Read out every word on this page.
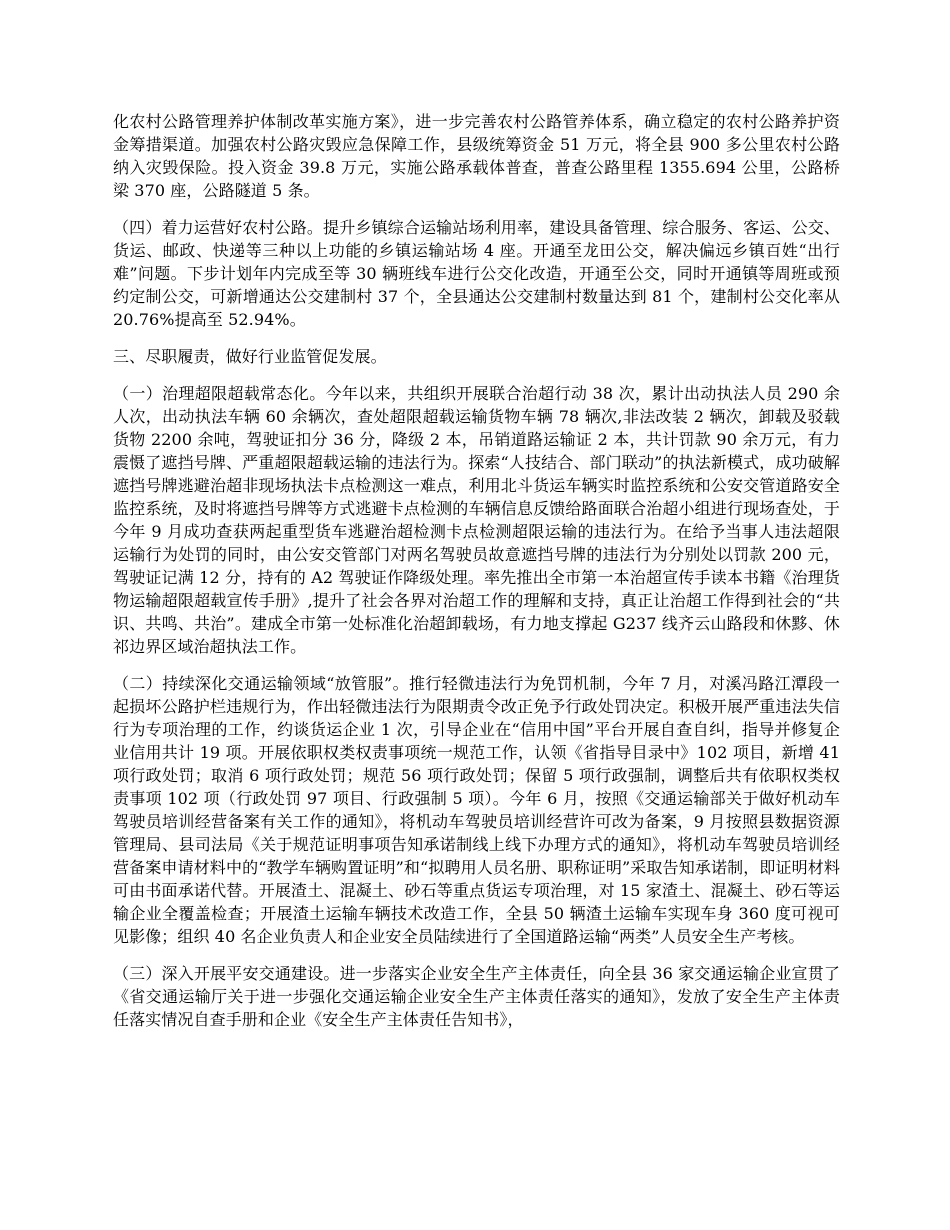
化农村公路管理养护体制改革实施方案》，进一步完善农村公路管养体系，确立稳定的农村公路养护资金筹措渠道。加强农村公路灾毁应急保障工作，县级统筹资金 51 万元，将全县 900 多公里农村公路纳入灾毁保险。投入资金 39.8 万元，实施公路承载体普查，普查公路里程 1355.694 公里，公路桥梁 370 座，公路隧道 5 条。

（四）着力运营好农村公路。提升乡镇综合运输站场利用率，建设具备管理、综合服务、客运、公交、货运、邮政、快递等三种以上功能的乡镇运输站场 4 座。开通至龙田公交，解决偏远乡镇百姓“出行难”问题。下步计划年内完成至等 30 辆班线车进行公交化改造，开通至公交，同时开通镇等周班或预约定制公交，可新增通达公交建制村 37 个，全县通达公交建制村数量达到 81 个，建制村公交化率从 20.76%提高至 52.94%。

三、尽职履责，做好行业监管促发展。

（一）治理超限超载常态化。今年以来，共组织开展联合治超行动 38 次，累计出动执法人员 290 余人次，出动执法车辆 60 余辆次，查处超限超载运输货物车辆 78 辆次,非法改装 2 辆次，卸载及驳载货物 2200 余吨，驾驶证扣分 36 分，降级 2 本，吊销道路运输证 2 本，共计罚款 90 余万元，有力震慑了遮挡号牌、严重超限超载运输的违法行为。探索“人技结合、部门联动”的执法新模式，成功破解遮挡号牌逃避治超非现场执法卡点检测这一难点，利用北斗货运车辆实时监控系统和公安交管道路安全监控系统，及时将遮挡号牌等方式逃避卡点检测的车辆信息反馈给路面联合治超小组进行现场查处，于今年 9 月成功查获两起重型货车逃避治超检测卡点检测超限运输的违法行为。在给予当事人违法超限运输行为处罚的同时，由公安交管部门对两名驾驶员故意遮挡号牌的违法行为分别处以罚款 200 元，驾驶证记满 12 分，持有的 A2 驾驶证作降级处理。率先推出全市第一本治超宣传手读本书籍《治理货物运输超限超载宣传手册》,提升了社会各界对治超工作的理解和支持，真正让治超工作得到社会的“共识、共鸣、共治”。建成全市第一处标准化治超卸载场，有力地支撑起 G237 线齐云山路段和休黟、休祁边界区域治超执法工作。

（二）持续深化交通运输领域“放管服”。推行轻微违法行为免罚机制，今年 7 月，对溪冯路江潭段一起损坏公路护栏违规行为，作出轻微违法行为限期责令改正免予行政处罚决定。积极开展严重违法失信行为专项治理的工作，约谈货运企业 1 次，引导企业在“信用中国”平台开展自查自纠，指导并修复企业信用共计 19 项。开展依职权类权责事项统一规范工作，认领《省指导目录中》102 项目，新增 41 项行政处罚；取消 6 项行政处罚；规范 56 项行政处罚；保留 5 项行政强制，调整后共有依职权类权责事项 102 项（行政处罚 97 项目、行政强制 5 项）。今年 6 月，按照《交通运输部关于做好机动车驾驶员培训经营备案有关工作的通知》，将机动车驾驶员培训经营许可改为备案，9 月按照县数据资源管理局、县司法局《关于规范证明事项告知承诺制线上线下办理方式的通知》，将机动车驾驶员培训经营备案申请材料中的“教学车辆购置证明”和“拟聘用人员名册、职称证明”采取告知承诺制，即证明材料可由书面承诺代替。开展渣土、混凝土、砂石等重点货运专项治理，对 15 家渣土、混凝土、砂石等运输企业全覆盖检查；开展渣土运输车辆技术改造工作，全县 50 辆渣土运输车实现车身 360 度可视可见影像；组织 40 名企业负责人和企业安全员陆续进行了全国道路运输“两类”人员安全生产考核。

（三）深入开展平安交通建设。进一步落实企业安全生产主体责任，向全县 36 家交通运输企业宣贯了《省交通运输厅关于进一步强化交通运输企业安全生产主体责任落实的通知》，发放了安全生产主体责任落实情况自查手册和企业《安全生产主体责任告知书》，
